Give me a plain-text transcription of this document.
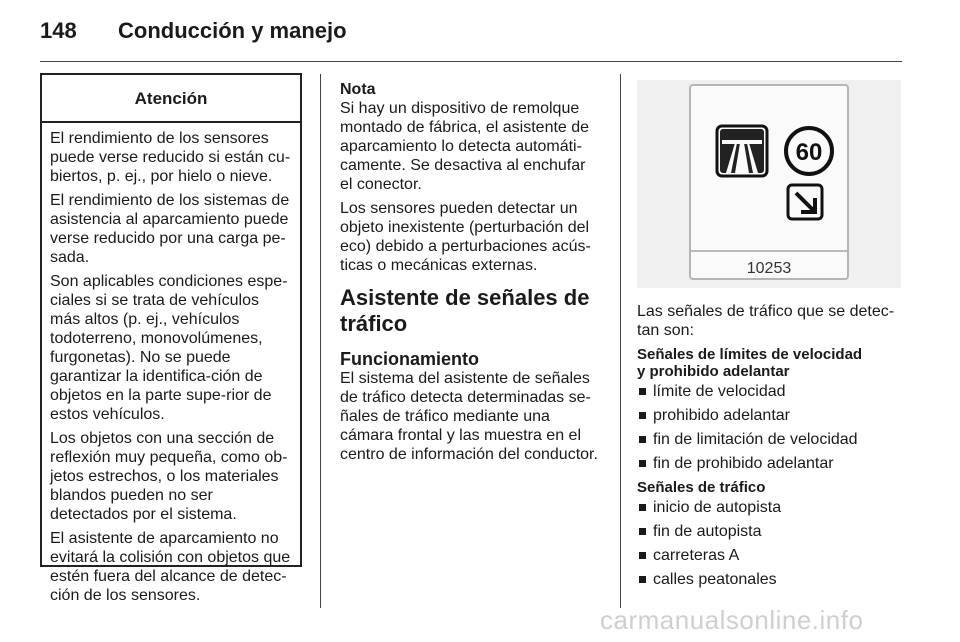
148 Conducción y manejo
Atención

El rendimiento de los sensores puede verse reducido si están cu-biertos, p. ej., por hielo o nieve.

El rendimiento de los sistemas de asistencia al aparcamiento puede verse reducido por una carga pe-sada.

Son aplicables condiciones espe-ciales si se trata de vehículos más altos (p. ej., vehículos todoterreno, monovolúmenes, furgonetas). No se puede garantizar la identifica-ción de objetos en la parte supe-rior de estos vehículos.

Los objetos con una sección de reflexión muy pequeña, como ob-jetos estrechos, o los materiales blandos pueden no ser detectados por el sistema.

El asistente de aparcamiento no evitará la colisión con objetos que estén fuera del alcance de detec-ción de los sensores.

Nota

Si hay un dispositivo de remolque montado de fábrica, el asistente de aparcamiento lo detecta automáti-camente. Se desactiva al enchufar el conector.

Los sensores pueden detectar un objeto inexistente (perturbación del eco) debido a perturbaciones acús-ticas o mecánicas externas.

Asistente de señales de tráfico
Funcionamiento

El sistema del asistente de señales de tráfico detecta determinadas se-ñales de tráfico mediante una cámara frontal y las muestra en el centro de información del conductor.

60
10253

Las señales de tráfico que se detec-tan son:

Señales de límites de velocidad
y prohibido adelantar
límite de velocidad
prohibido adelantar
fin de limitación de velocidad
fin de prohibido adelantar
Señales de tráfico
inicio de autopista
fin de autopista
carreteras A
calles peatonales
carmanualsonline.info
